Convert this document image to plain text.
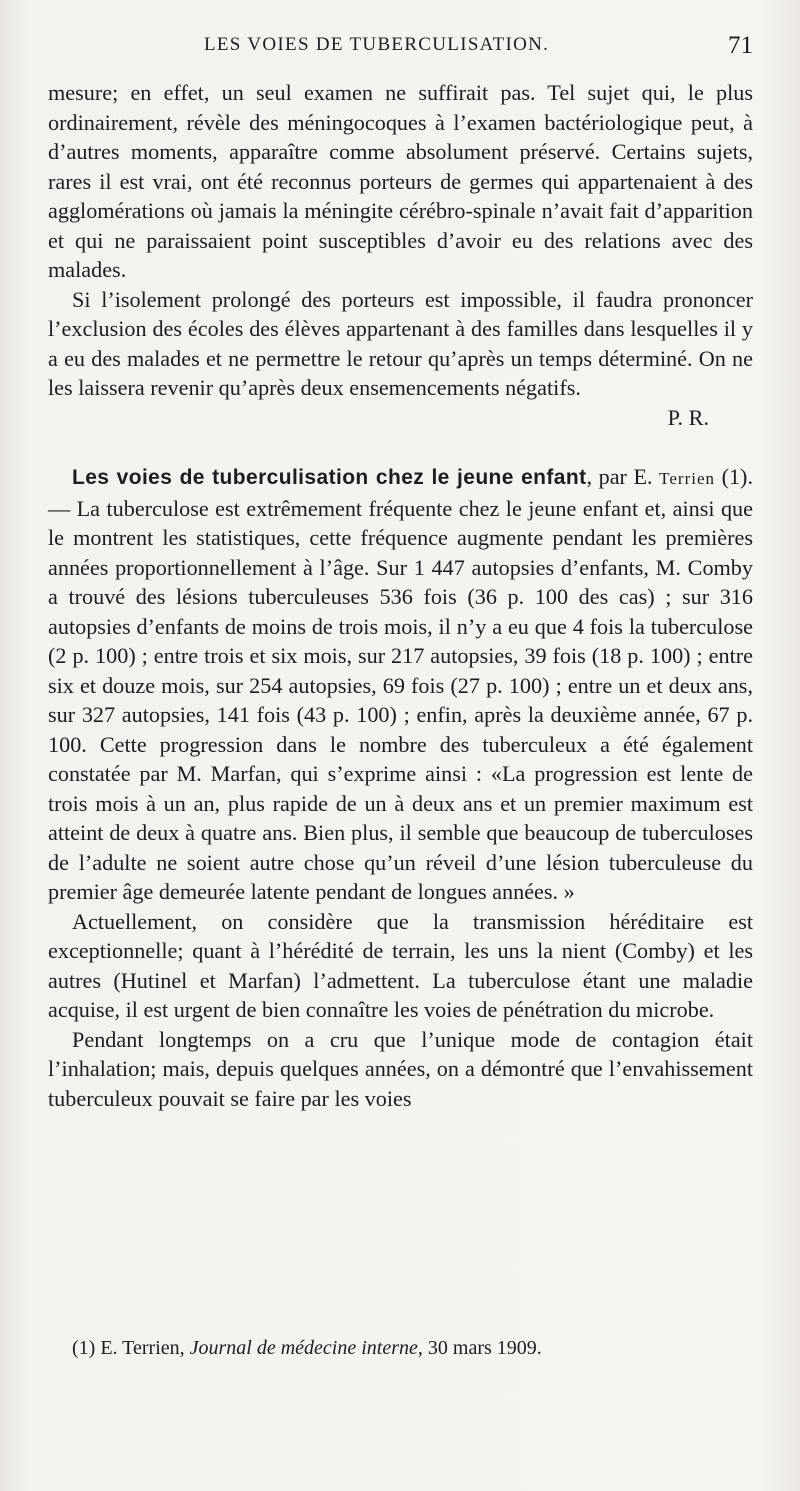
LES VOIES DE TUBERCULISATION.	71

mesure; en effet, un seul examen ne suffirait pas. Tel sujet qui, le plus ordinairement, révèle des méningocoques à l’examen bactériologique peut, à d’autres moments, apparaître comme absolument préservé. Certains sujets, rares il est vrai, ont été reconnus porteurs de germes qui appartenaient à des agglomérations où jamais la méningite cérébro-spinale n’avait fait d’apparition et qui ne paraissaient point susceptibles d’avoir eu des relations avec des malades.

Si l’isolement prolongé des porteurs est impossible, il faudra prononcer l’exclusion des écoles des élèves appartenant à des familles dans lesquelles il y a eu des malades et ne permettre le retour qu’après un temps déterminé. On ne les laissera revenir qu’après deux ensemencements négatifs.

P. R.

Les voies de tuberculisation chez le jeune enfant, par E. Terrien (1). — La tuberculose est extrêmement fréquente chez le jeune enfant et, ainsi que le montrent les statistiques, cette fréquence augmente pendant les premières années proportionnellement à l’âge. Sur 1 447 autopsies d’enfants, M. Comby a trouvé des lésions tuberculeuses 536 fois (36 p. 100 des cas) ; sur 316 autopsies d’enfants de moins de trois mois, il n’y a eu que 4 fois la tuberculose (2 p. 100) ; entre trois et six mois, sur 217 autopsies, 39 fois (18 p. 100) ; entre six et douze mois, sur 254 autopsies, 69 fois (27 p. 100) ; entre un et deux ans, sur 327 autopsies, 141 fois (43 p. 100) ; enfin, après la deuxième année, 67 p. 100. Cette progression dans le nombre des tuberculeux a été également constatée par M. Marfan, qui s’exprime ainsi : «La progression est lente de trois mois à un an, plus rapide de un à deux ans et un premier maximum est atteint de deux à quatre ans. Bien plus, il semble que beaucoup de tuberculoses de l’adulte ne soient autre chose qu’un réveil d’une lésion tuberculeuse du premier âge demeurée latente pendant de longues années. »

Actuellement, on considère que la transmission héréditaire est exceptionnelle; quant à l’hérédité de terrain, les uns la nient (Comby) et les autres (Hutinel et Marfan) l’admettent. La tuberculose étant une maladie acquise, il est urgent de bien connaître les voies de pénétration du microbe.

Pendant longtemps on a cru que l’unique mode de contagion était l’inhalation; mais, depuis quelques années, on a démontré que l’envahissement tuberculeux pouvait se faire par les voies

(1) E. Terrien, Journal de médecine interne, 30 mars 1909.
